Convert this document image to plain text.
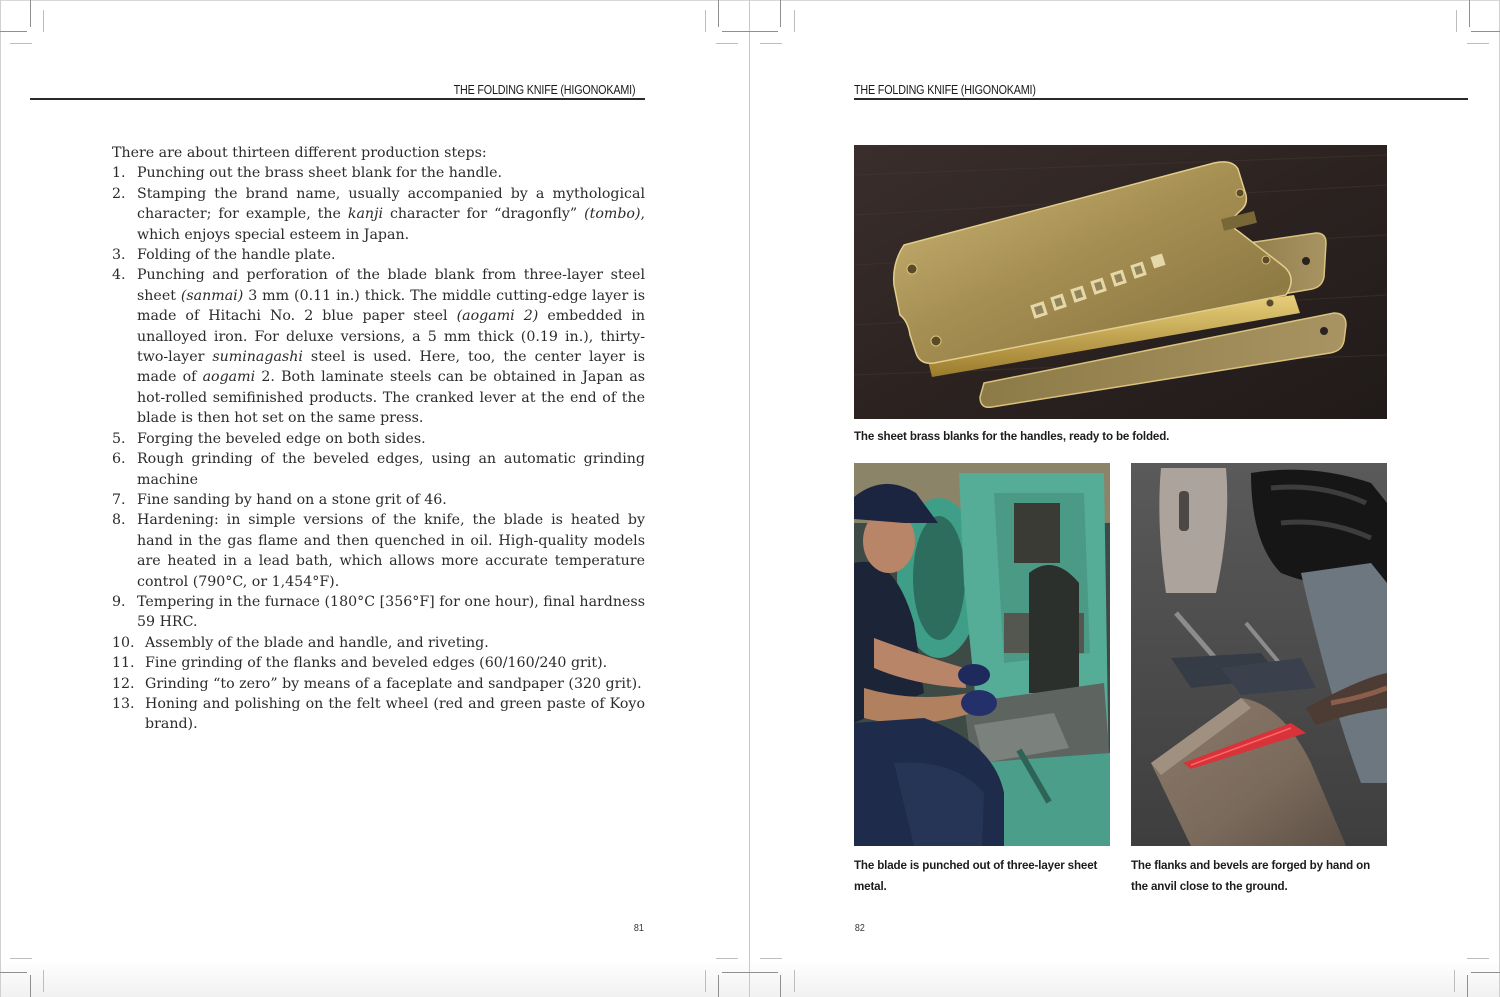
THE FOLDING KNIFE (HIGONOKAMI)

There are about thirteen different production steps:

1. Punching out the brass sheet blank for the handle.
2. Stamping the brand name, usually accompanied by a mythological character; for example, the kanji character for “dragonfly” (tombo), which enjoys special esteem in Japan.
3. Folding of the handle plate.
4. Punching and perforation of the blade blank from three-layer steel sheet (sanmai) 3 mm (0.11 in.) thick. The middle cutting-edge layer is made of Hitachi No. 2 blue paper steel (aogami 2) embedded in unalloyed iron. For deluxe versions, a 5 mm thick (0.19 in.), thirty-two-layer suminagashi steel is used. Here, too, the center layer is made of aogami 2. Both laminate steels can be obtained in Japan as hot-rolled semifinished products. The cranked lever at the end of the blade is then hot set on the same press.
5. Forging the beveled edge on both sides.
6. Rough grinding of the beveled edges, using an automatic grinding machine
7. Fine sanding by hand on a stone grit of 46.
8. Hardening: in simple versions of the knife, the blade is heated by hand in the gas flame and then quenched in oil. High-quality models are heated in a lead bath, which allows more accurate temperature control (790°C, or 1,454°F).
9. Tempering in the furnace (180°C [356°F] for one hour), final hardness 59 HRC.
10. Assembly of the blade and handle, and riveting.
11. Fine grinding of the flanks and beveled edges (60/160/240 grit).
12. Grinding “to zero” by means of a faceplate and sandpaper (320 grit).
13. Honing and polishing on the felt wheel (red and green paste of Koyo brand).
81
THE FOLDING KNIFE (HIGONOKAMI)
The sheet brass blanks for the handles, ready to be folded.
The blade is punched out of three-layer sheet metal.
The flanks and bevels are forged by hand on the anvil close to the ground.
82
